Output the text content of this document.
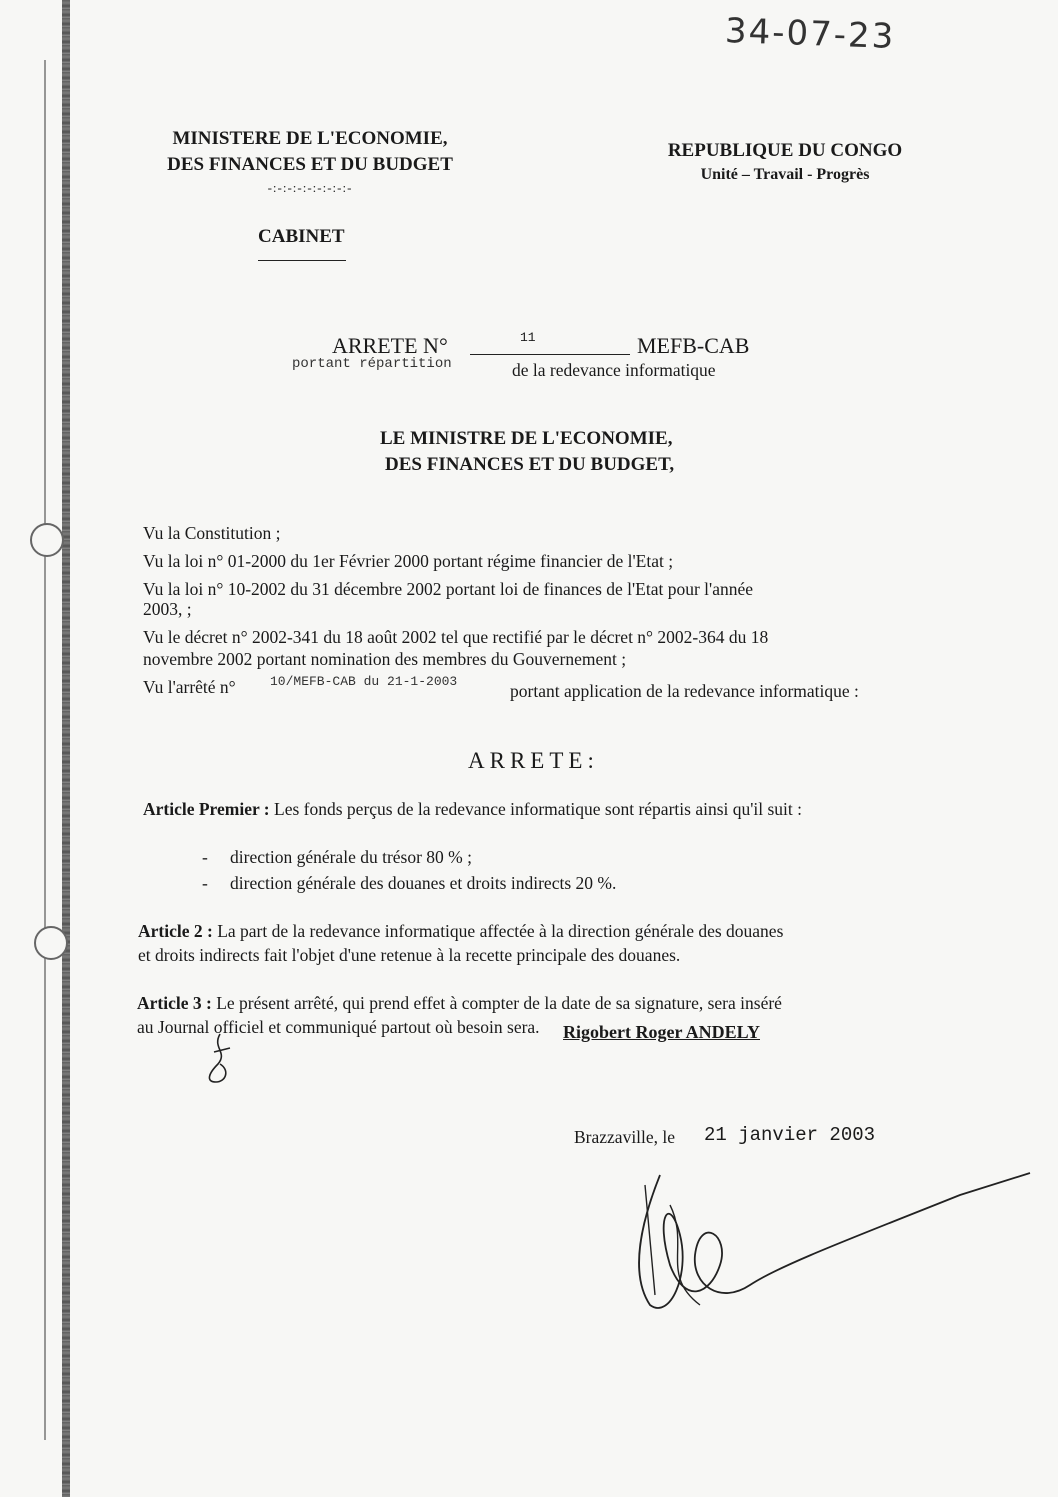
34-07-23
MINISTERE DE L'ECONOMIE,
DES FINANCES ET DU BUDGET
-:-:-:-:-:-:-:-:-
CABINET
REPUBLIQUE DU CONGO
Unité – Travail - Progrès
ARRETE N°	11	MEFB-CAB
portant répartition	de la redevance informatique
LE MINISTRE DE L'ECONOMIE,
DES FINANCES ET DU BUDGET,
Vu la Constitution ;
Vu la loi n° 01-2000 du 1er Février 2000 portant régime financier de l'Etat ;
Vu la loi n° 10-2002 du 31 décembre 2002 portant loi de finances de l'Etat pour l'année
2003, ;
Vu le décret n° 2002-341 du 18 août 2002 tel que rectifié par le décret n° 2002-364 du 18
novembre 2002 portant nomination des membres du Gouvernement ;
Vu l'arrêté n°	10/MEFB-CAB du 21-1-2003	portant application de la redevance informatique :
ARRETE:
Article Premier : Les fonds perçus de la redevance informatique sont répartis ainsi qu'il suit :
- direction générale du trésor 80 % ;
- direction générale des douanes et droits indirects 20 %.
Article 2 : La part de la redevance informatique affectée à la direction générale des douanes
et droits indirects fait l'objet d'une retenue à la recette principale des douanes.
Article 3 : Le présent arrêté, qui prend effet à compter de la date de sa signature, sera inséré
au Journal officiel et communiqué partout où besoin sera.
Brazzaville, le 21 janvier 2003
Rigobert Roger ANDELY
